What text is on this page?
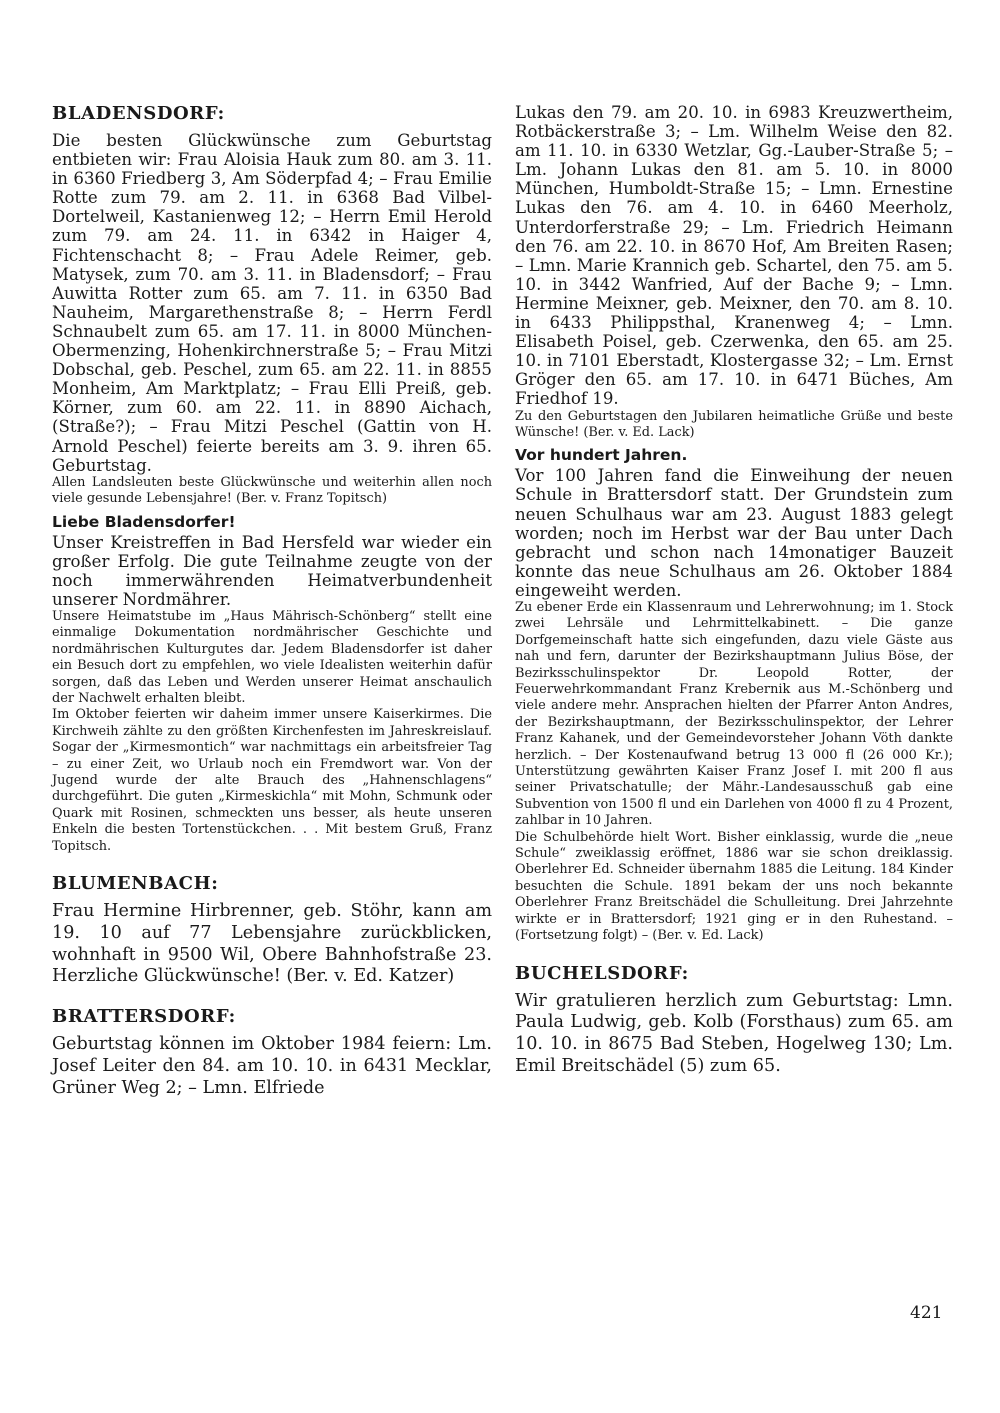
BLADENSDORF:

Die besten Glückwünsche zum Geburtstag entbieten wir: Frau Aloisia Hauk zum 80. am 3. 11. in 6360 Friedberg 3, Am Söderpfad 4; – Frau Emilie Rotte zum 79. am 2. 11. in 6368 Bad Vilbel-Dortelweil, Kastanienweg 12; – Herrn Emil Herold zum 79. am 24. 11. in 6342 in Haiger 4, Fichtenschacht 8; – Frau Adele Reimer, geb. Matysek, zum 70. am 3. 11. in Bladensdorf; – Frau Auwitta Rotter zum 65. am 7. 11. in 6350 Bad Nauheim, Margarethenstraße 8; – Herrn Ferdl Schnaubelt zum 65. am 17. 11. in 8000 München-Obermenzing, Hohenkirchnerstraße 5; – Frau Mitzi Dobschal, geb. Peschel, zum 65. am 22. 11. in 8855 Monheim, Am Marktplatz; – Frau Elli Preiß, geb. Körner, zum 60. am 22. 11. in 8890 Aichach, (Straße?); – Frau Mitzi Peschel (Gattin von H. Arnold Peschel) feierte bereits am 3. 9. ihren 65. Geburtstag.

Allen Landsleuten beste Glückwünsche und weiterhin allen noch viele gesunde Lebensjahre! (Ber. v. Franz Topitsch)

Liebe Bladensdorfer!

Unser Kreistreffen in Bad Hersfeld war wieder ein großer Erfolg. Die gute Teilnahme zeugte von der noch immerwährenden Heimatverbundenheit unserer Nordmährer.

Unsere Heimatstube im „Haus Mährisch-Schönberg“ stellt eine einmalige Dokumentation nordmährischer Geschichte und nordmährischen Kulturgutes dar. Jedem Bladensdorfer ist daher ein Besuch dort zu empfehlen, wo viele Idealisten weiterhin dafür sorgen, daß das Leben und Werden unserer Heimat anschaulich der Nachwelt erhalten bleibt.

Im Oktober feierten wir daheim immer unsere Kaiserkirmes. Die Kirchweih zählte zu den größten Kirchenfesten im Jahreskreislauf. Sogar der „Kirmesmontich“ war nachmittags ein arbeitsfreier Tag – zu einer Zeit, wo Urlaub noch ein Fremdwort war. Von der Jugend wurde der alte Brauch des „Hahnenschlagens“ durchgeführt. Die guten „Kirmeskichla“ mit Mohn, Schmunk oder Quark mit Rosinen, schmeckten uns besser, als heute unseren Enkeln die besten Tortenstückchen. . . Mit bestem Gruß, Franz Topitsch.

BLUMENBACH:

Frau Hermine Hirbrenner, geb. Stöhr, kann am 19. 10 auf 77 Lebensjahre zurückblicken, wohnhaft in 9500 Wil, Obere Bahnhofstraße 23. Herzliche Glückwünsche! (Ber. v. Ed. Katzer)

BRATTERSDORF:

Geburtstag können im Oktober 1984 feiern: Lm. Josef Leiter den 84. am 10. 10. in 6431 Mecklar, Grüner Weg 2; – Lmn. Elfriede

Lukas den 79. am 20. 10. in 6983 Kreuzwertheim, Rotbäckerstraße 3; – Lm. Wilhelm Weise den 82. am 11. 10. in 6330 Wetzlar, Gg.-Lauber-Straße 5; – Lm. Johann Lukas den 81. am 5. 10. in 8000 München, Humboldt-Straße 15; – Lmn. Ernestine Lukas den 76. am 4. 10. in 6460 Meerholz, Unterdorferstraße 29; – Lm. Friedrich Heimann den 76. am 22. 10. in 8670 Hof, Am Breiten Rasen; – Lmn. Marie Krannich geb. Schartel, den 75. am 5. 10. in 3442 Wanfried, Auf der Bache 9; – Lmn. Hermine Meixner, geb. Meixner, den 70. am 8. 10. in 6433 Philippsthal, Kranenweg 4; – Lmn. Elisabeth Poisel, geb. Czerwenka, den 65. am 25. 10. in 7101 Eberstadt, Klostergasse 32; – Lm. Ernst Gröger den 65. am 17. 10. in 6471 Büches, Am Friedhof 19.

Zu den Geburtstagen den Jubilaren heimatliche Grüße und beste Wünsche! (Ber. v. Ed. Lack)

Vor hundert Jahren.

Vor 100 Jahren fand die Einweihung der neuen Schule in Brattersdorf statt. Der Grundstein zum neuen Schulhaus war am 23. August 1883 gelegt worden; noch im Herbst war der Bau unter Dach gebracht und schon nach 14monatiger Bauzeit konnte das neue Schulhaus am 26. Oktober 1884 eingeweiht werden.

Zu ebener Erde ein Klassenraum und Lehrerwohnung; im 1. Stock zwei Lehrsäle und Lehrmittelkabinett. – Die ganze Dorfgemeinschaft hatte sich eingefunden, dazu viele Gäste aus nah und fern, darunter der Bezirkshauptmann Julius Böse, der Bezirksschulinspektor Dr. Leopold Rotter, der Feuerwehrkommandant Franz Krebernik aus M.-Schönberg und viele andere mehr. Ansprachen hielten der Pfarrer Anton Andres, der Bezirkshauptmann, der Bezirksschulinspektor, der Lehrer Franz Kahanek, und der Gemeindevorsteher Johann Vöth dankte herzlich. – Der Kostenaufwand betrug 13 000 fl (26 000 Kr.); Unterstützung gewährten Kaiser Franz Josef I. mit 200 fl aus seiner Privatschatulle; der Mähr.-Landesausschuß gab eine Subvention von 1500 fl und ein Darlehen von 4000 fl zu 4 Prozent, zahlbar in 10 Jahren.

Die Schulbehörde hielt Wort. Bisher einklassig, wurde die „neue Schule“ zweiklassig eröffnet, 1886 war sie schon dreiklassig. Oberlehrer Ed. Schneider übernahm 1885 die Leitung. 184 Kinder besuchten die Schule. 1891 bekam der uns noch bekannte Oberlehrer Franz Breitschädel die Schulleitung. Drei Jahrzehnte wirkte er in Brattersdorf; 1921 ging er in den Ruhestand. – (Fortsetzung folgt) – (Ber. v. Ed. Lack)

BUCHELSDORF:

Wir gratulieren herzlich zum Geburtstag: Lmn. Paula Ludwig, geb. Kolb (Forsthaus) zum 65. am 10. 10. in 8675 Bad Steben, Hogelweg 130; Lm. Emil Breitschädel (5) zum 65.

421
